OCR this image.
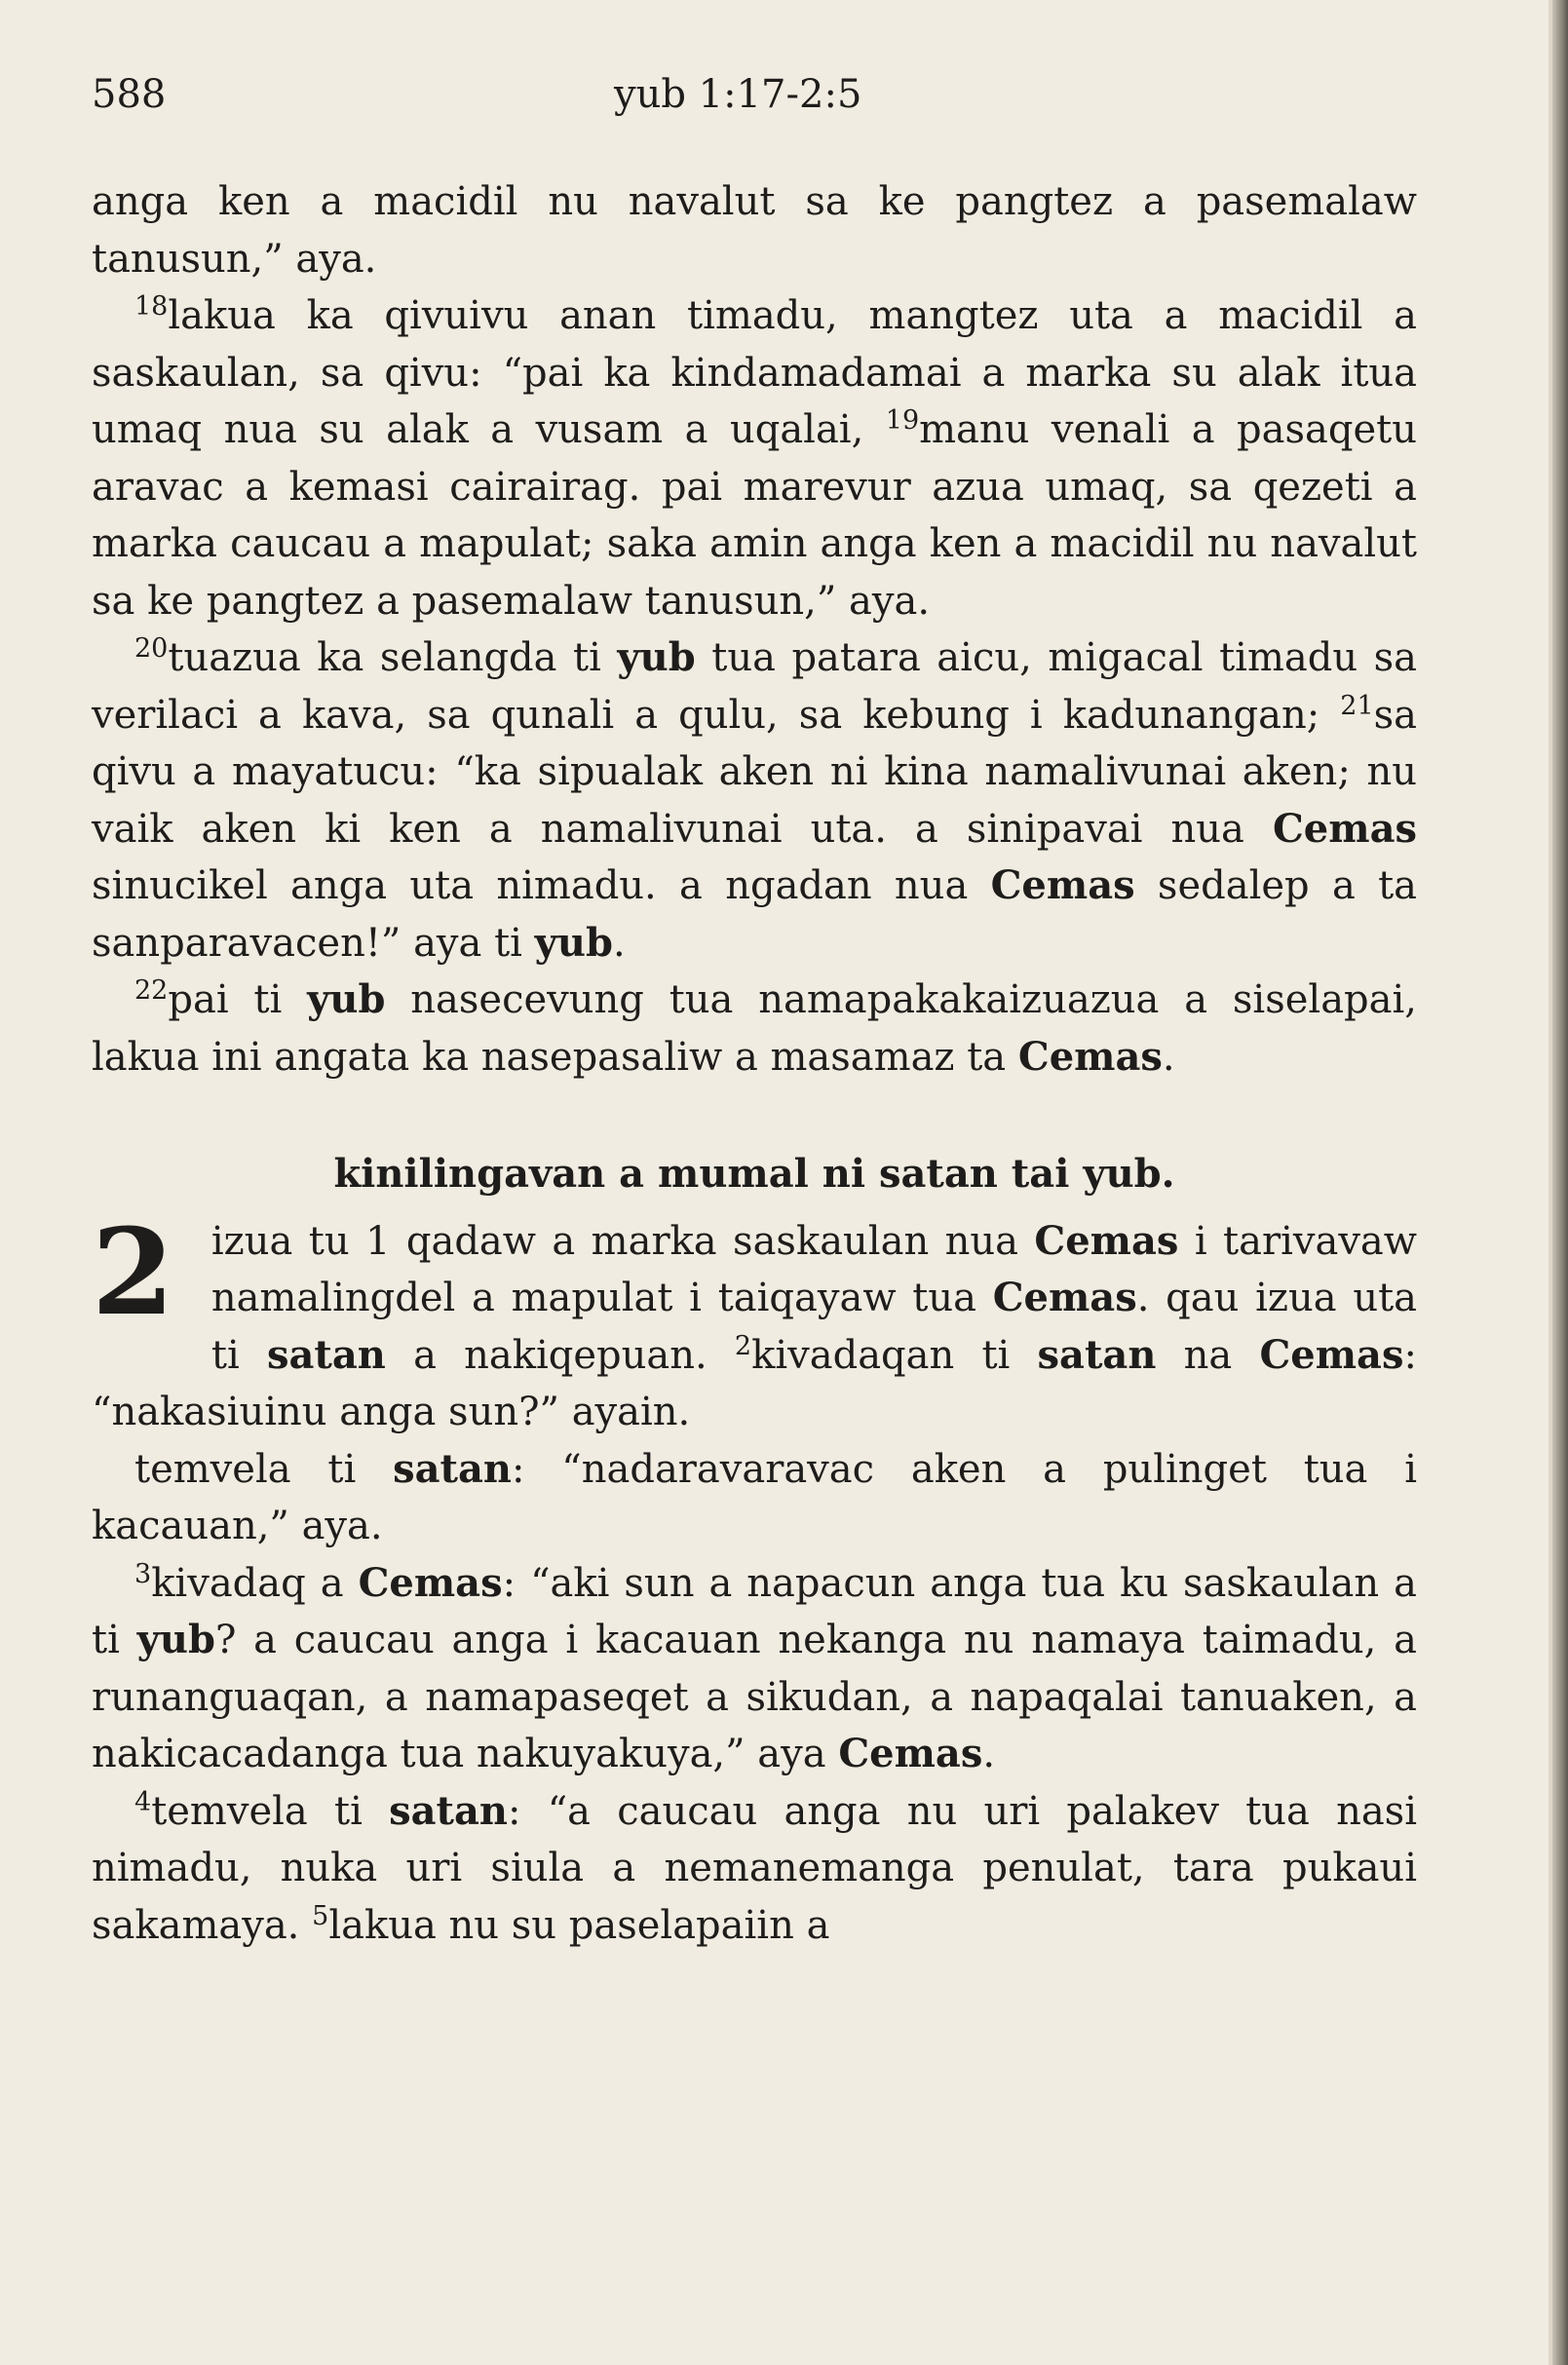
588	yub 1:17-2:5

anga ken a macidil nu navalut sa ke pangtez a pasemalaw tanusun,” aya.

$^{18}$lakua ka qivuivu anan timadu, mangtez uta a macidil a saskaulan, sa qivu: “pai ka kindamadamai a marka su alak itua umaq nua su alak a vusam a uqalai, $^{19}$manu venali a pasaqetu aravac a kemasi cairairag. pai marevur azua umaq, sa qezeti a marka caucau a mapulat; saka amin anga ken a macidil nu navalut sa ke pangtez a pasemalaw tanusun,” aya.

$^{20}$tuazua ka selangda ti yub tua patara aicu, migacal timadu sa verilaci a kava, sa qunali a qulu, sa kebung i kadunangan; $^{21}$sa qivu a mayatucu: “ka sipualak aken ni kina namalivunai aken; nu vaik aken ki ken a namalivunai uta. a sinipavai nua Cemas sinucikel anga uta nimadu. a ngadan nua Cemas sedalep a ta sanparavacen!” aya ti yub.

$^{22}$pai ti yub nasecevung tua namapakakaizuazua a siselapai, lakua ini angata ka nasepasaliw a masamaz ta Cemas.

kinilingavan a mumal ni satan tai yub.
2 izua tu 1 qadaw a marka saskaulan nua Cemas i tarivavaw namalingdel a mapulat i taiqayaw tua Cemas. qau izua uta ti satan a nakiqepuan. $^2$kivadaqan ti satan na Cemas: “nakasiuinu anga sun?” ayain.

temvela ti satan: “nadaravaravac aken a pulinget tua i kacauan,” aya.

$^3$kivadaq a Cemas: “aki sun a napacun anga tua ku saskaulan a ti yub? a caucau anga i kacauan nekanga nu namaya taimadu, a runanguaqan, a namapaseqet a sikudan, a napaqalai tanuaken, a nakicacadanga tua nakuyakuya,” aya Cemas.

$^4$temvela ti satan: “a caucau anga nu uri palakev tua nasi nimadu, nuka uri siula a nemanemanga penulat, tara pukaui sakamaya. $^5$lakua nu su paselapaiin a
